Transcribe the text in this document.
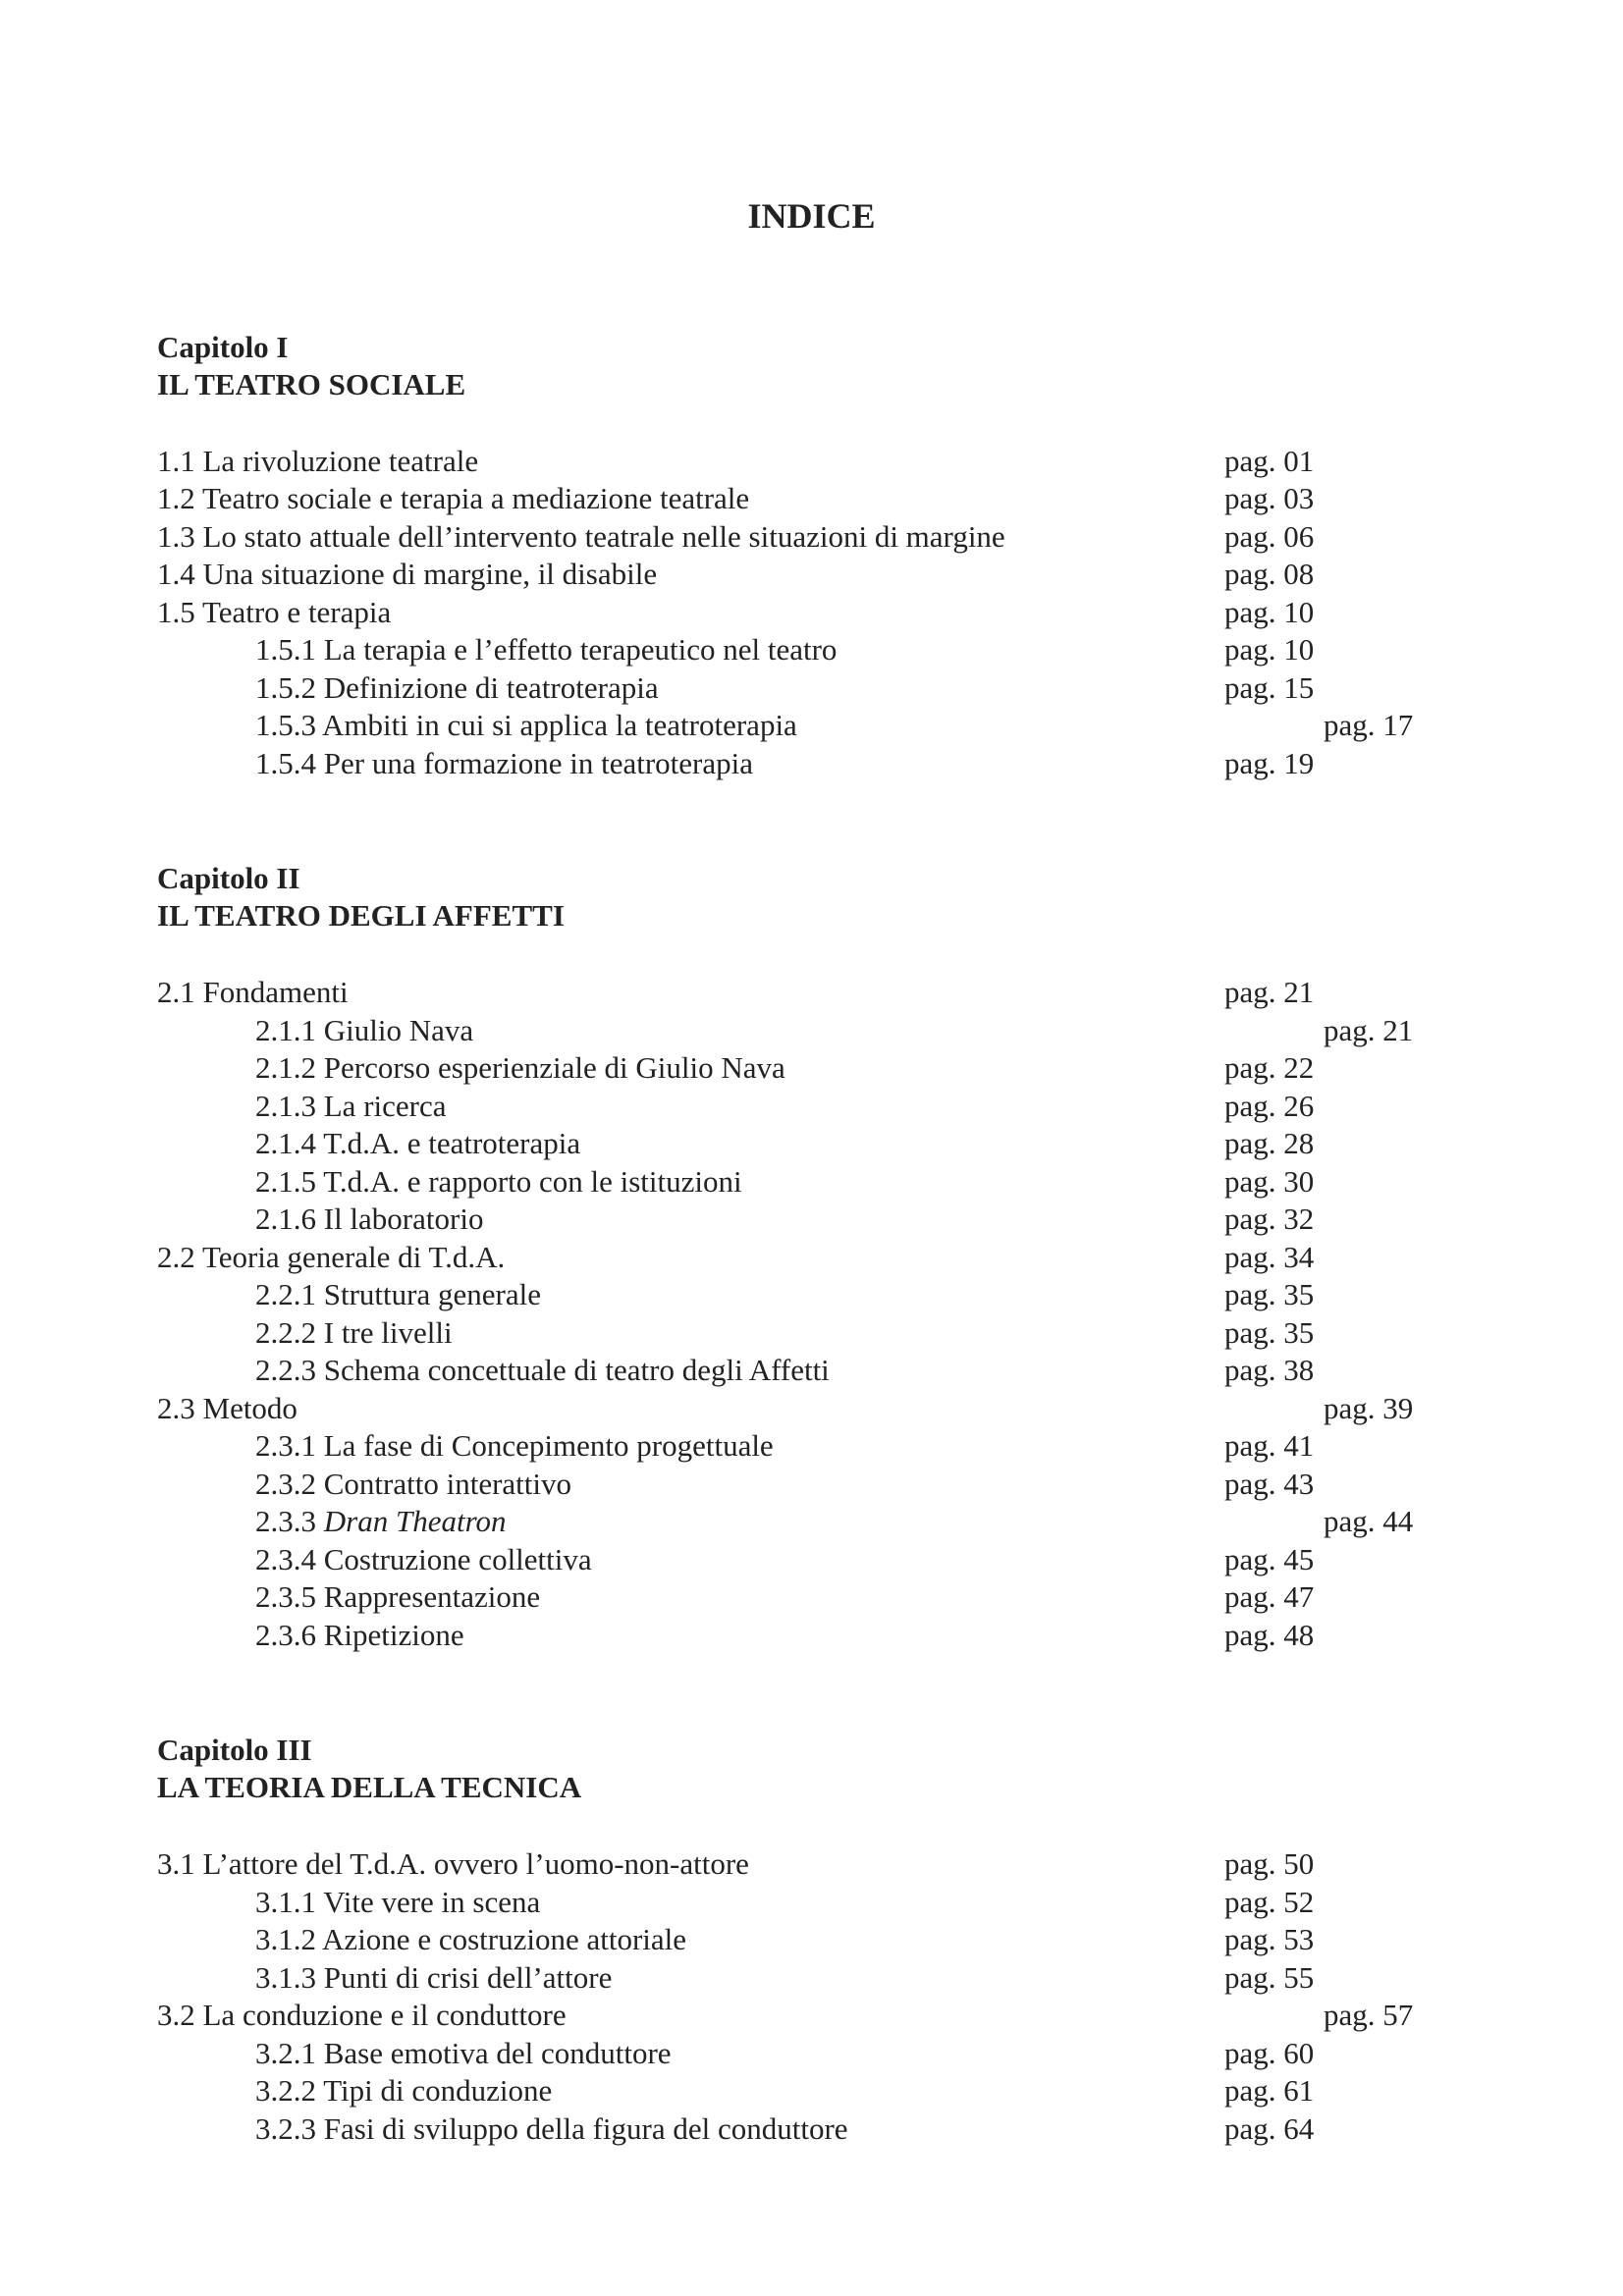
INDICE
Capitolo I
IL TEATRO SOCIALE
1.1 La rivoluzione teatrale	pag. 01
1.2 Teatro sociale e terapia a mediazione teatrale	pag. 03
1.3 Lo stato attuale dell’intervento teatrale nelle situazioni di margine	pag. 06
1.4 Una situazione di margine, il disabile	pag. 08
1.5 Teatro e terapia	pag. 10
1.5.1 La terapia e l’effetto terapeutico nel teatro	pag. 10
1.5.2 Definizione di teatroterapia	pag. 15
1.5.3 Ambiti in cui si applica la teatroterapia	pag. 17
1.5.4 Per una formazione in teatroterapia	pag. 19
Capitolo II
IL TEATRO DEGLI AFFETTI
2.1 Fondamenti	pag. 21
2.1.1 Giulio Nava	pag. 21
2.1.2 Percorso esperienziale di Giulio Nava	pag. 22
2.1.3 La ricerca	pag. 26
2.1.4 T.d.A. e teatroterapia	pag. 28
2.1.5 T.d.A. e rapporto con le istituzioni	pag. 30
2.1.6 Il laboratorio	pag. 32
2.2 Teoria generale di T.d.A.	pag. 34
2.2.1 Struttura generale	pag. 35
2.2.2 I tre livelli	pag. 35
2.2.3 Schema concettuale di teatro degli Affetti	pag. 38
2.3 Metodo	pag. 39
2.3.1 La fase di Concepimento progettuale	pag. 41
2.3.2 Contratto interattivo	pag. 43
2.3.3 Dran Theatron	pag. 44
2.3.4 Costruzione collettiva	pag. 45
2.3.5 Rappresentazione	pag. 47
2.3.6 Ripetizione	pag. 48
Capitolo III
LA TEORIA DELLA TECNICA
3.1 L’attore del T.d.A. ovvero l’uomo-non-attore	pag. 50
3.1.1 Vite vere in scena	pag. 52
3.1.2 Azione e costruzione attoriale	pag. 53
3.1.3 Punti di crisi dell’attore	pag. 55
3.2 La conduzione e il conduttore	pag. 57
3.2.1 Base emotiva del conduttore	pag. 60
3.2.2 Tipi di conduzione	pag. 61
3.2.3 Fasi di sviluppo della figura del conduttore	pag. 64
